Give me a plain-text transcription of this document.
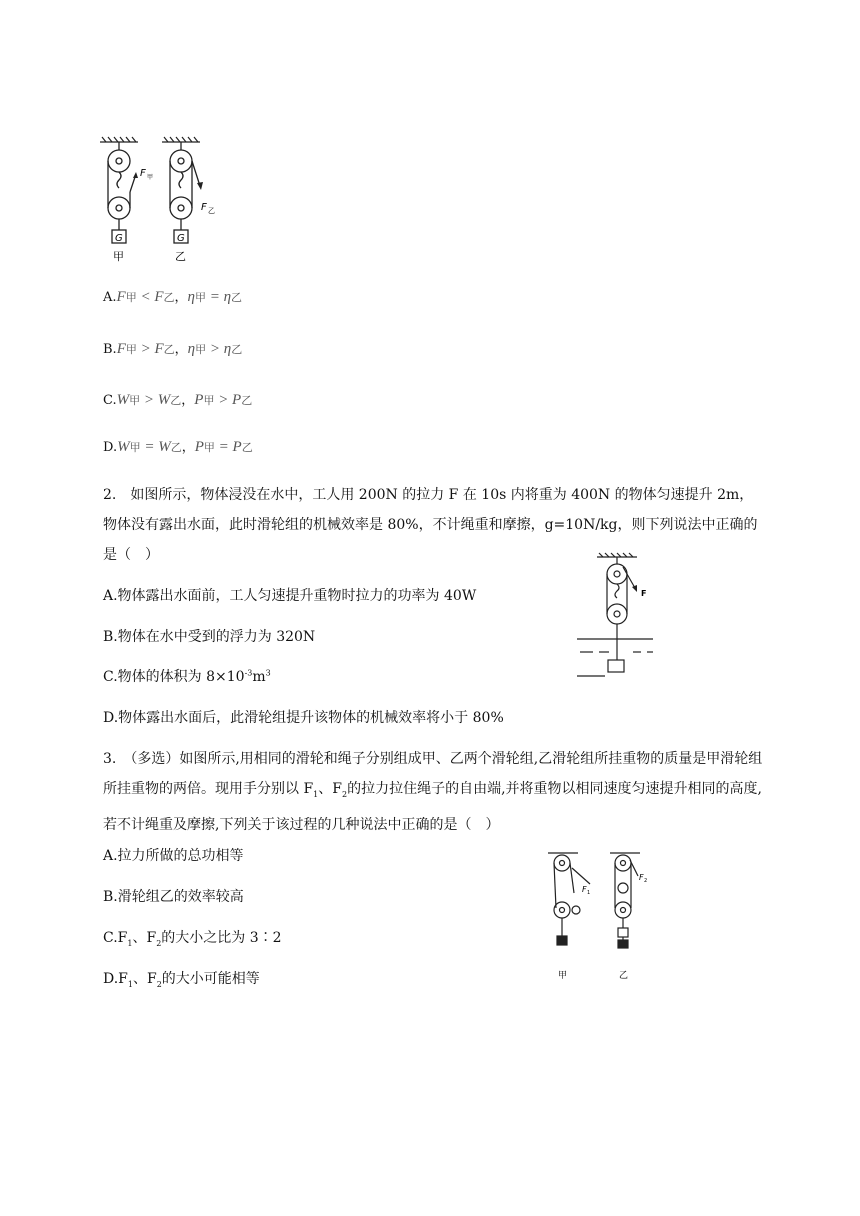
G	G
F 甲
F 乙
甲	乙
A.F甲 < F乙，η甲 = η乙
B.F甲 > F乙，η甲 > η乙
C.W甲 > W乙，P甲 > P乙
D.W甲 = W乙，P甲 = P乙
2.　如图所示，物体浸没在水中，工人用 200N 的拉力 F 在 10s 内将重为 400N 的物体匀速提升 2m，物体没有露出水面，此时滑轮组的机械效率是 80%，不计绳重和摩擦，g=10N/kg，则下列说法中正确的是（　）
A.物体露出水面前，工人匀速提升重物时拉力的功率为 40W
B.物体在水中受到的浮力为 320N
C.物体的体积为 $8\times 10^{-3}m^3$
D.物体露出水面后，此滑轮组提升该物体的机械效率将小于 80%
F
3.　（多选）如图所示,用相同的滑轮和绳子分别组成甲、乙两个滑轮组,乙滑轮组所挂重物的质量是甲滑轮组所挂重物的两倍。现用手分别以 $F_1$、$F_2$的拉力拉住绳子的自由端,并将重物以相同速度匀速提升相同的高度,若不计绳重及摩擦,下列关于该过程的几种说法中正确的是（　）
A.拉力所做的总功相等
B.滑轮组乙的效率较高
$C.F_1$、$F_2$的大小之比为 3∶2
$D.F_1$、$F_2$的大小可能相等
F 1
F 2
甲	乙
